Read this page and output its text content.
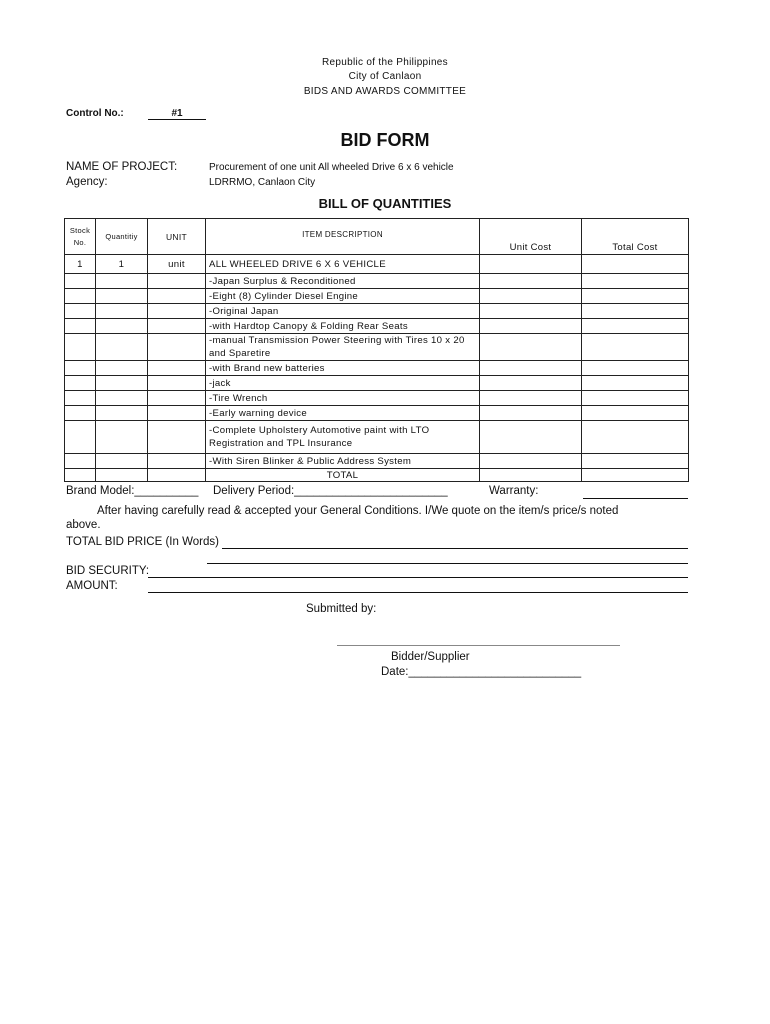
Republic of the Philippines
City of Canlaon
BIDS AND AWARDS COMMITTEE
Control No.:	#1
BID FORM
NAME OF PROJECT:	Procurement of one unit All wheeled Drive 6 x 6 vehicle
Agency:	LDRRMO, Canlaon City
BILL OF QUANTITIES
Stock No.	Quantitiy	UNIT	ITEM DESCRIPTION	Unit Cost	Total Cost
1	1	unit	ALL WHEELED DRIVE 6 X 6 VEHICLE		
			-Japan Surplus & Reconditioned		
			-Eight (8) Cylinder Diesel Engine		
			-Original Japan		
			-with Hardtop Canopy & Folding Rear Seats		
			-manual Transmission Power Steering with Tires 10 x 20 and Sparetire		
			-with Brand new batteries		
			-jack		
			-Tire Wrench		
			-Early warning device		
			-Complete Upholstery Automotive paint with LTO Registration and TPL Insurance		
			-With Siren Blinker & Public Address System		
			TOTAL		
Brand Model:__________ Delivery Period:________________________	Warranty:
After having carefully read & accepted your General Conditions. I/We quote on the item/s price/s noted
above.
TOTAL BID PRICE (In Words)
BID SECURITY:
AMOUNT:
Submitted by:
Bidder/Supplier
Date:___________________________
